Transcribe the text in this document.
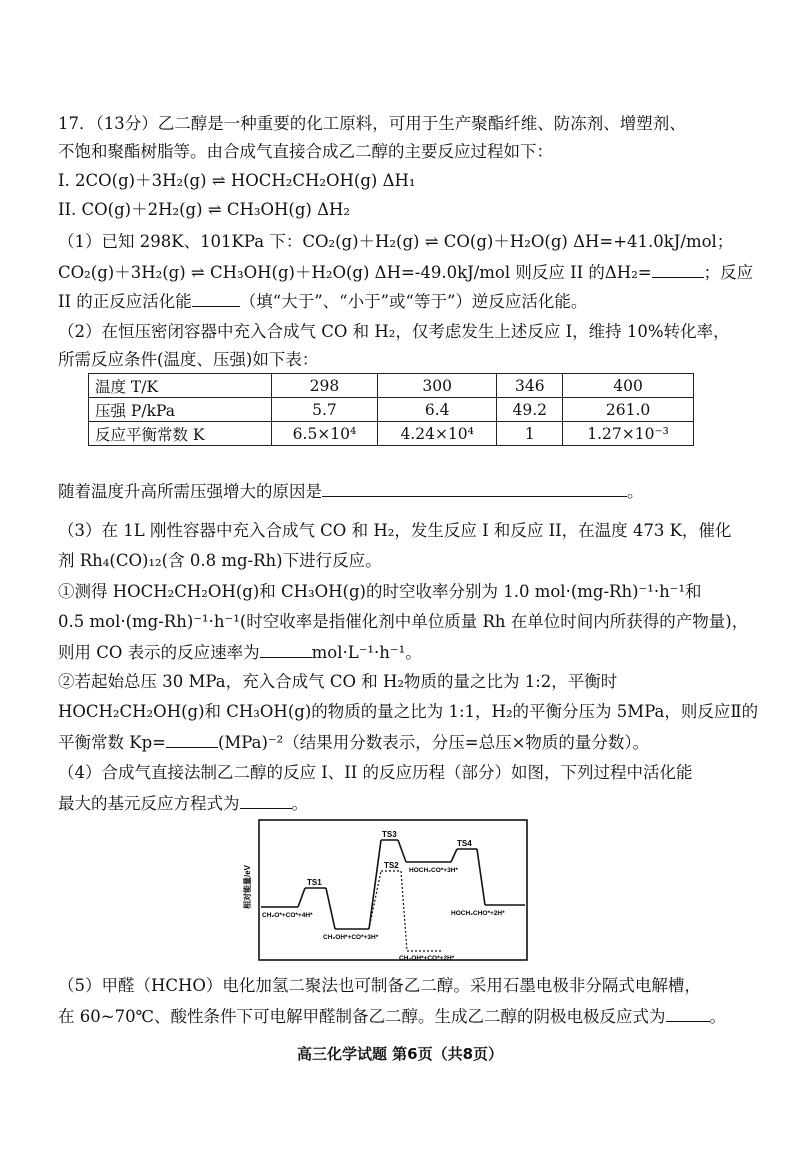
17．（13分）乙二醇是一种重要的化工原料，可用于生产聚酯纤维、防冻剂、增塑剂、
不饱和聚酯树脂等。由合成气直接合成乙二醇的主要反应过程如下：
I. 2CO(g)＋3H₂(g) ⇌ HOCH₂CH₂OH(g) ΔH₁
II. CO(g)＋2H₂(g) ⇌ CH₃OH(g) ΔH₂
（1）已知 298K、101KPa 下：CO₂(g)＋H₂(g) ⇌ CO(g)＋H₂O(g) ΔH=+41.0kJ/mol；
CO₂(g)＋3H₂(g) ⇌ CH₃OH(g)＋H₂O(g) ΔH=-49.0kJ/mol 则反应 II 的ΔH₂=	；反应
II 的正反应活化能	（填“大于”、“小于”或“等于”）逆反应活化能。
（2）在恒压密闭容器中充入合成气 CO 和 H₂，仅考虑发生上述反应 I，维持 10%转化率，
所需反应条件(温度、压强)如下表：
温度 T/K	298	300	346	400
压强 P/kPa	5.7	6.4	49.2	261.0
反应平衡常数 K	6.5×10⁴	4.24×10⁴	1	1.27×10⁻³
随着温度升高所需压强增大的原因是	。
（3）在 1L 刚性容器中充入合成气 CO 和 H₂，发生反应 I 和反应 II，在温度 473 K，催化
剂 Rh₄(CO)₁₂(含 0.8 mg-Rh)下进行反应。
①测得 HOCH₂CH₂OH(g)和 CH₃OH(g)的时空收率分别为 1.0 mol·(mg-Rh)⁻¹·h⁻¹和
0.5 mol·(mg-Rh)⁻¹·h⁻¹(时空收率是指催化剂中单位质量 Rh 在单位时间内所获得的产物量)，
则用 CO 表示的反应速率为	mol·L⁻¹·h⁻¹。
②若起始总压 30 MPa，充入合成气 CO 和 H₂物质的量之比为 1:2，平衡时
HOCH₂CH₂OH(g)和 CH₃OH(g)的物质的量之比为 1:1，H₂的平衡分压为 5MPa，则反应Ⅱ的
平衡常数 Kp=	(MPa)⁻²（结果用分数表示，分压=总压×物质的量分数）。
（4）合成气直接法制乙二醇的反应 I、II 的反应历程（部分）如图，下列过程中活化能
最大的基元反应方程式为	。
相对能量/eV	TS1
TS2
TS3
TS4
CH₂O*+CO*+4H*
CH₂OH*+CO*+3H*
HOCH₂CO*+3H*
HOCH₂CHO*+2H*
CH₂OH*+CO*+2H*
（5）甲醛（HCHO）电化加氢二聚法也可制备乙二醇。采用石墨电极非分隔式电解槽，
在 60~70℃、酸性条件下可电解甲醛制备乙二醇。生成乙二醇的阴极电极反应式为	。
高三化学试题 第6页（共8页）
